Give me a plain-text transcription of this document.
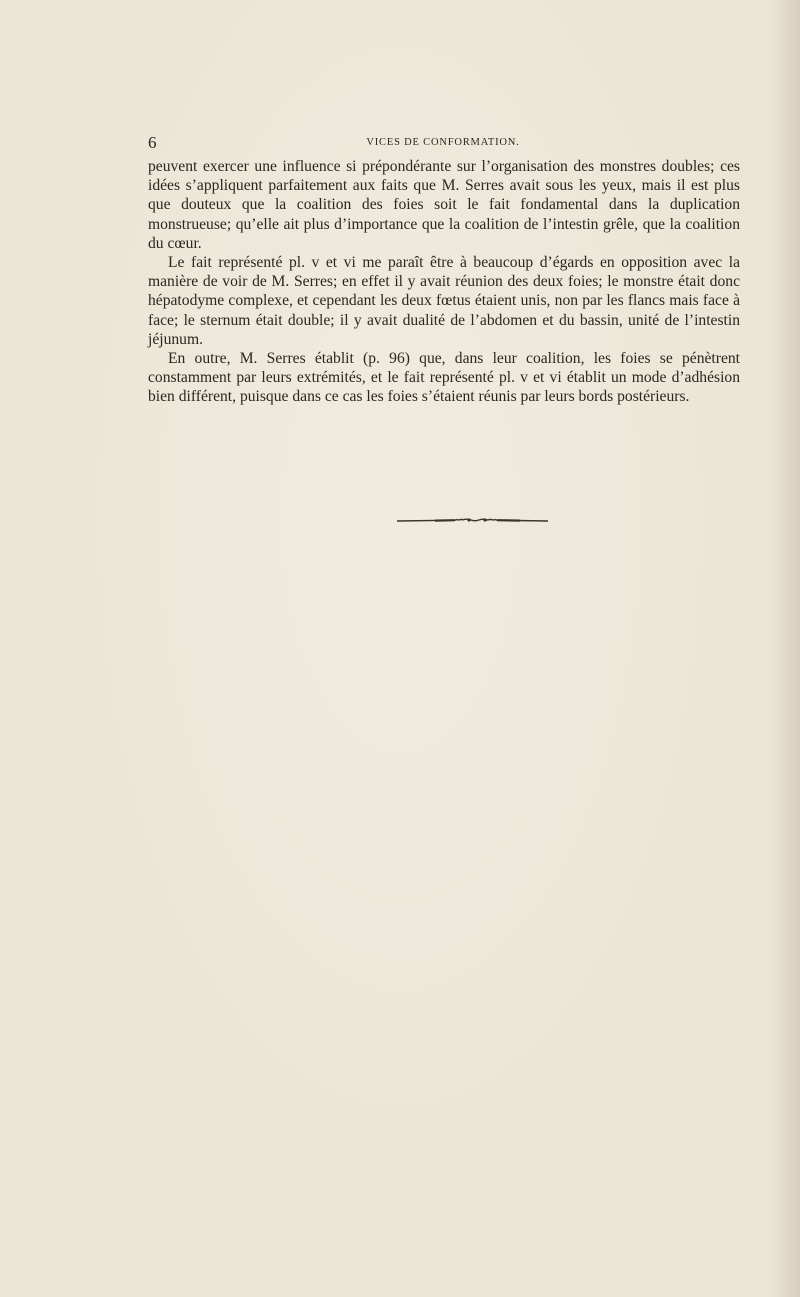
6	VICES DE CONFORMATION.

peuvent exercer une influence si prépondérante sur l’organisation des monstres doubles; ces idées s’appliquent parfaitement aux faits que M. Serres avait sous les yeux, mais il est plus que douteux que la coalition des foies soit le fait fondamental dans la duplication monstrueuse; qu’elle ait plus d’importance que la coalition de l’intestin grêle, que la coalition du cœur.

Le fait représenté pl. v et vi me paraît être à beaucoup d’égards en opposition avec la manière de voir de M. Serres; en effet il y avait réunion des deux foies; le monstre était donc hépatodyme complexe, et cependant les deux fœtus étaient unis, non par les flancs mais face à face; le sternum était double; il y avait dualité de l’abdomen et du bassin, unité de l’intestin jéjunum.

En outre, M. Serres établit (p. 96) que, dans leur coalition, les foies se pénètrent constamment par leurs extrémités, et le fait représenté pl. v et vi établit un mode d’adhésion bien différent, puisque dans ce cas les foies s’étaient réunis par leurs bords postérieurs.
